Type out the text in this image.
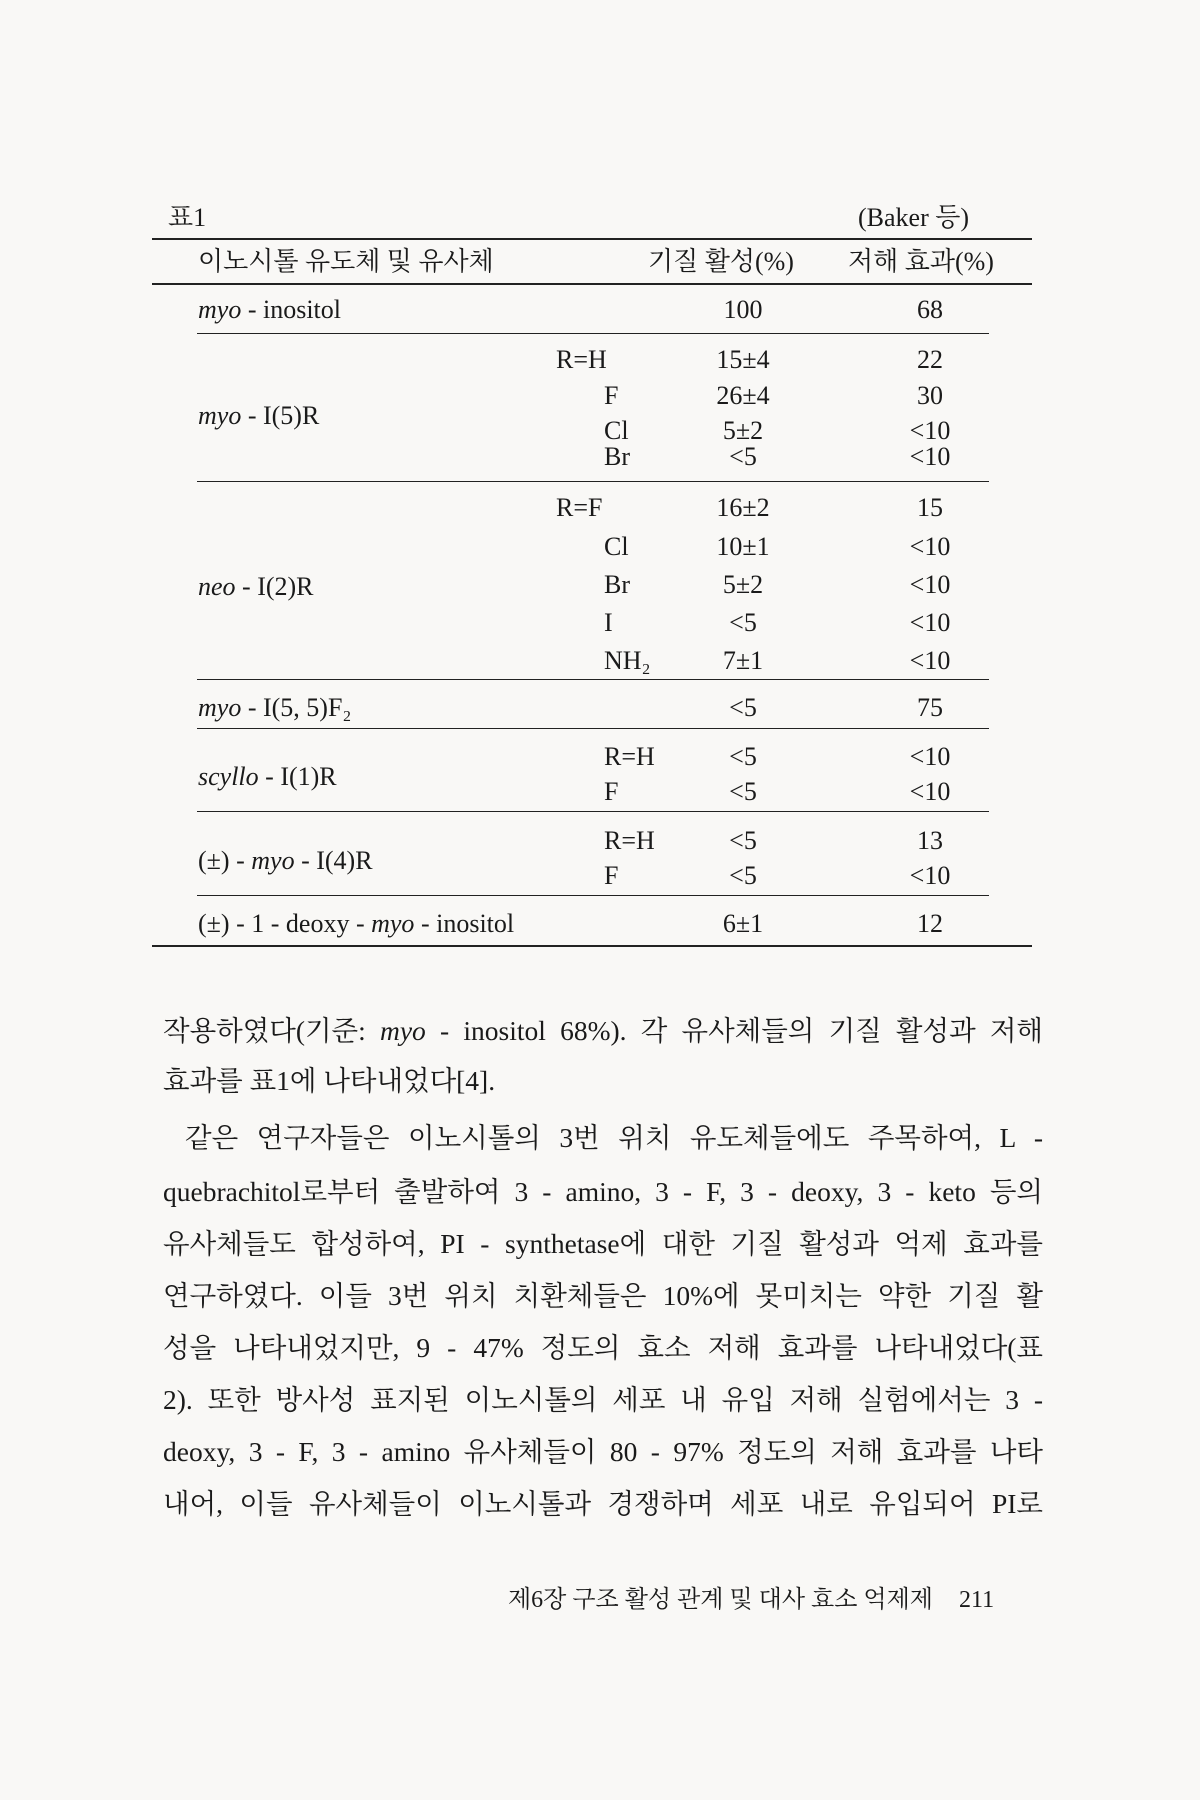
표1	(Baker 등)
이노시톨 유도체 및 유사체	기질 활성(%) 저해 효과(%)
myo - inositol	100	68
myo - I(5)R
R=H	15±4	22
F	26±4	30
Cl	5±2	<10
Br	<5	<10
neo - I(2)R
R=F	16±2	15
Cl	10±1	<10
Br	5±2	<10
I	<5	<10
NH₂	7±1	<10
myo - I(5, 5)F₂	<5	75
scyllo - I(1)R
R=H	<5	<10
F	<5	<10
(±) - myo - I(4)R
R=H	<5	13
F	<5	<10
(±) - 1 - deoxy - myo - inositol	6±1	12
작용하였다(기준: myo - inositol 68%). 각 유사체들의 기질 활성과 저해
효과를 표1에 나타내었다[4].
같은 연구자들은 이노시톨의 3번 위치 유도체들에도 주목하여, L -
quebrachitol로부터 출발하여 3 - amino, 3 - F, 3 - deoxy, 3 - keto 등의
유사체들도 합성하여, PI - synthetase에 대한 기질 활성과 억제 효과를
연구하였다. 이들 3번 위치 치환체들은 10%에 못미치는 약한 기질 활
성을 나타내었지만, 9 - 47% 정도의 효소 저해 효과를 나타내었다(표
2). 또한 방사성 표지된 이노시톨의 세포 내 유입 저해 실험에서는 3 -
deoxy, 3 - F, 3 - amino 유사체들이 80 - 97% 정도의 저해 효과를 나타
내어, 이들 유사체들이 이노시톨과 경쟁하며 세포 내로 유입되어 PI로
제6장 구조 활성 관계 및 대사 효소 억제제 211
